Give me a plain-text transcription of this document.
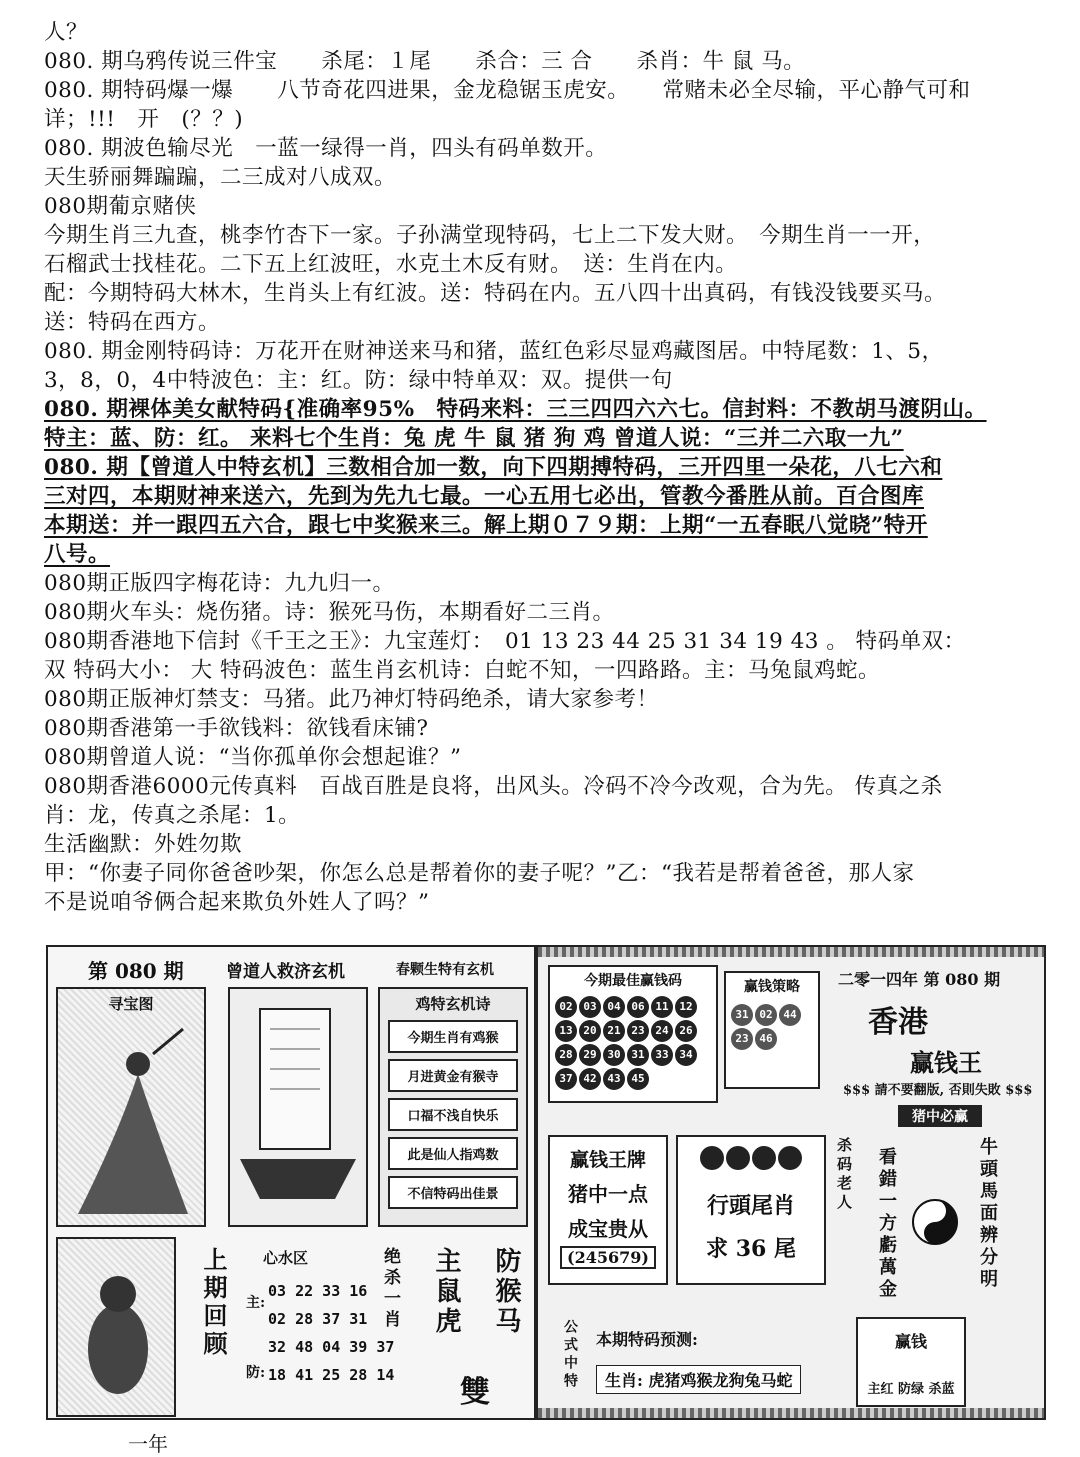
人？
080. 期乌鸦传说三件宝　　杀尾：１尾　　杀合：三 合　　杀肖：牛 鼠 马。
080. 期特码爆一爆　　八节奇花四进果，金龙稳锯玉虎安。　　常赌未必全尽输，平心静气可和
详；!!!　开　(？？)
080. 期波色输尽光　一蓝一绿得一肖，四头有码单数开。
天生骄丽舞蹁蹁，二三成对八成双。
080期葡京赌侠
今期生肖三九查，桃李竹杏下一家。子孙满堂现特码，七上二下发大财。　今期生肖一一开，
石榴武士找桂花。二下五上红波旺，水克土木反有财。　送：生肖在内。
配：今期特码大林木，生肖头上有红波。送：特码在内。五八四十出真码，有钱没钱要买马。
送：特码在西方。
080. 期金刚特码诗：万花开在财神送来马和猪，蓝红色彩尽显鸡藏图居。中特尾数：1、5，
3，8，0，4中特波色：主：红。防：绿中特单双：双。提供一句
080. 期裸体美女献特码{准确率95%　特码来料：三三四四六六七。信封料：不教胡马渡阴山。
特主：蓝、防：红。 来料七个生肖：兔 虎 牛 鼠 猪 狗 鸡 曾道人说：“三并二六取一九”
080. 期【曾道人中特玄机】三数相合加一数，向下四期搏特码，三开四里一朵花，八七六和
三对四，本期财神来送六，先到为先九七最。一心五用七必出，管教今番胜从前。百合图库
本期送：并一跟四五六合，跟七中奖猴来三。解上期０７９期：上期“一五春眠八觉晓”特开
八号。
080期正版四字梅花诗：九九归一。
080期火车头：烧伤猪。诗：猴死马伤，本期看好二三肖。
080期香港地下信封《千王之王》：九宝莲灯：　01 13 23 44 25 31 34 19 43 。 特码单双：
双 特码大小： 大 特码波色：蓝生肖玄机诗：白蛇不知，一四路路。主：马兔鼠鸡蛇。
080期正版神灯禁支：马猪。此乃神灯特码绝杀，请大家参考！
080期香港第一手欲钱料：欲钱看床铺?
080期曾道人说：“当你孤单你会想起谁？”
080期香港6000元传真料　百战百胜是良将，出风头。冷码不冷今改观，合为先。 传真之杀
肖：龙，传真之杀尾：1。
生活幽默：外姓勿欺
甲：“你妻子同你爸爸吵架，你怎么总是帮着你的妻子呢？”乙：“我若是帮着爸爸，那人家
不是说咱爷俩合起来欺负外姓人了吗？”
第 080 期 曾道人救济玄机	春颗生特有玄机
寻宝图
上期回顾
鸡特玄机诗
今期生肖有鸡猴
月进黄金有猴寺
口福不浅自快乐
此是仙人指鸡数
不信特码出佳景
心水区
主:
防:
03 22 33 16
02 28 37 31
32 48 04 39 37
18 41 25 28 14
绝杀一肖 主鼠虎 防猴马
雙
今期最佳赢钱码
02 03 04 06 11 1213 20 21 23 24 2628 29 30 31 33 3437 42 43 45
赢钱策略
31 02 4423 46
二零一四年 第 080 期
香港
赢钱王
$$$ 請不要翻版, 否則失敗 $$$
猪中必赢
赢钱王牌
猪中一点
成宝贵从
(245679)
行頭尾肖
求 36 尾
杀码老人 看錯一方虧萬金	牛頭馬面辨分明
公式中特 本期特码预测:
生肖: 虎猪鸡猴龙狗兔马蛇
赢钱
主红 防绿 杀蓝
一年
